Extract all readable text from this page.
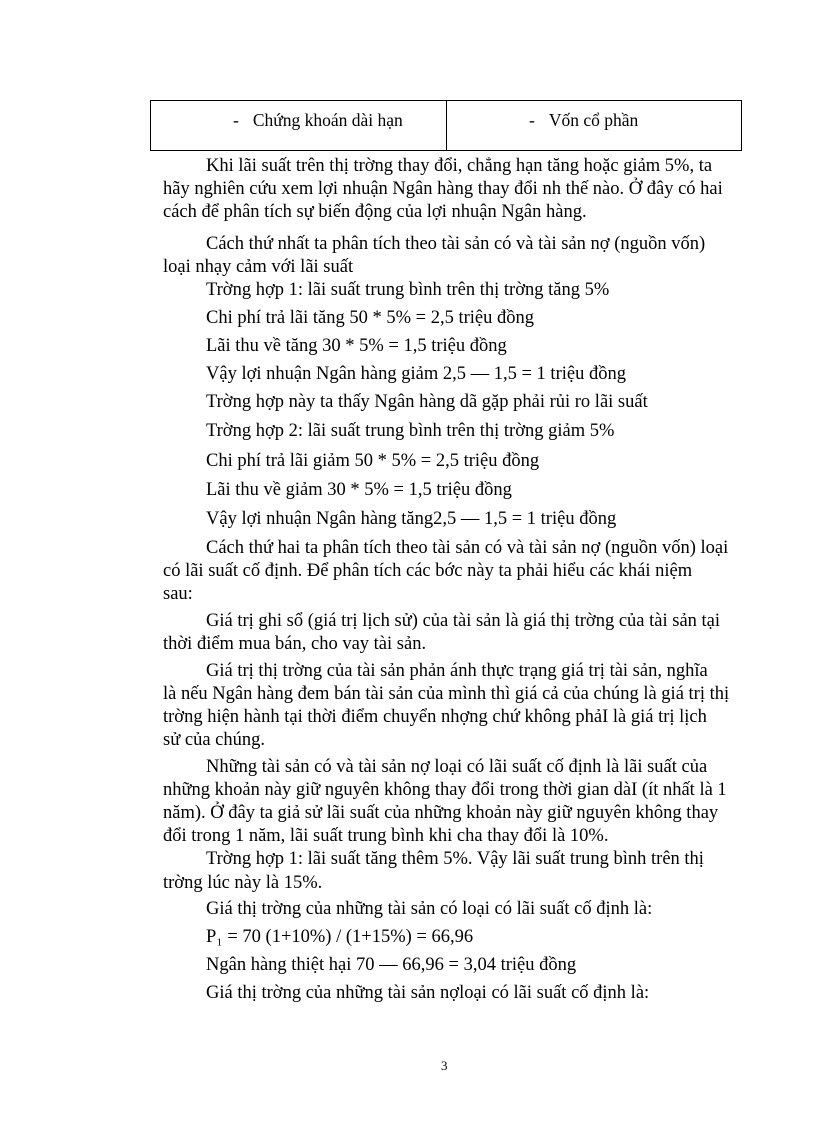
- Chứng khoán dài hạn	- Vốn cổ phần
Khi lãi suất trên thị trờng thay đổi, chẳng hạn tăng hoặc giảm 5%, ta
hãy nghiên cứu xem lợi nhuận Ngân hàng thay đổi nh thế nào. Ở đây có hai
cách để phân tích sự biến động của lợi nhuận Ngân hàng.
Cách thứ nhất ta phân tích theo tài sản có và tài sản nợ (nguồn vốn)
loại nhạy cảm với lãi suất
Trờng hợp 1: lãi suất trung bình trên thị trờng tăng 5%
Chi phí trả lãi tăng 50 * 5% = 2,5 triệu đồng
Lãi thu về tăng 30 * 5% = 1,5 triệu đồng
Vậy lợi nhuận Ngân hàng giảm 2,5 — 1,5 = 1 triệu đồng
Trờng hợp này ta thấy Ngân hàng dã gặp phải rủi ro lãi suất
Trờng hợp 2: lãi suất trung bình trên thị trờng giảm 5%
Chi phí trả lãi giảm 50 * 5% = 2,5 triệu đồng
Lãi thu về giảm 30 * 5% = 1,5 triệu đồng
Vậy lợi nhuận Ngân hàng tăng2,5 — 1,5 = 1 triệu đồng
Cách thứ hai ta phân tích theo tài sản có và tài sản nợ (nguồn vốn) loại
có lãi suất cố định. Để phân tích các bớc này ta phải hiểu các khái niệm
sau:
Giá trị ghi sổ (giá trị lịch sử) của tài sản là giá thị trờng của tài sản tại
thời điểm mua bán, cho vay tài sản.
Giá trị thị trờng của tài sản phản ánh thực trạng giá trị tài sản, nghĩa
là nếu Ngân hàng đem bán tài sản của mình thì giá cả của chúng là giá trị thị
trờng hiện hành tại thời điểm chuyển nhợng chứ không phảI là giá trị lịch
sử của chúng.
Những tài sản có và tài sản nợ loại có lãi suất cố định là lãi suất của
những khoản này giữ nguyên không thay đổi trong thời gian dàI (ít nhất là 1
năm). Ở đây ta giả sử lãi suất của những khoản này giữ nguyên không thay
đổi trong 1 năm, lãi suất trung bình khi cha thay đổi là 10%.
Trờng hợp 1: lãi suất tăng thêm 5%. Vậy lãi suất trung bình trên thị
trờng lúc này là 15%.
Giá thị trờng của những tài sản có loại có lãi suất cố định là:
P₁ = 70 (1+10%) / (1+15%) = 66,96
Ngân hàng thiệt hại 70 — 66,96 = 3,04 triệu đồng
Giá thị trờng của những tài sản nợloại có lãi suất cố định là:
3
